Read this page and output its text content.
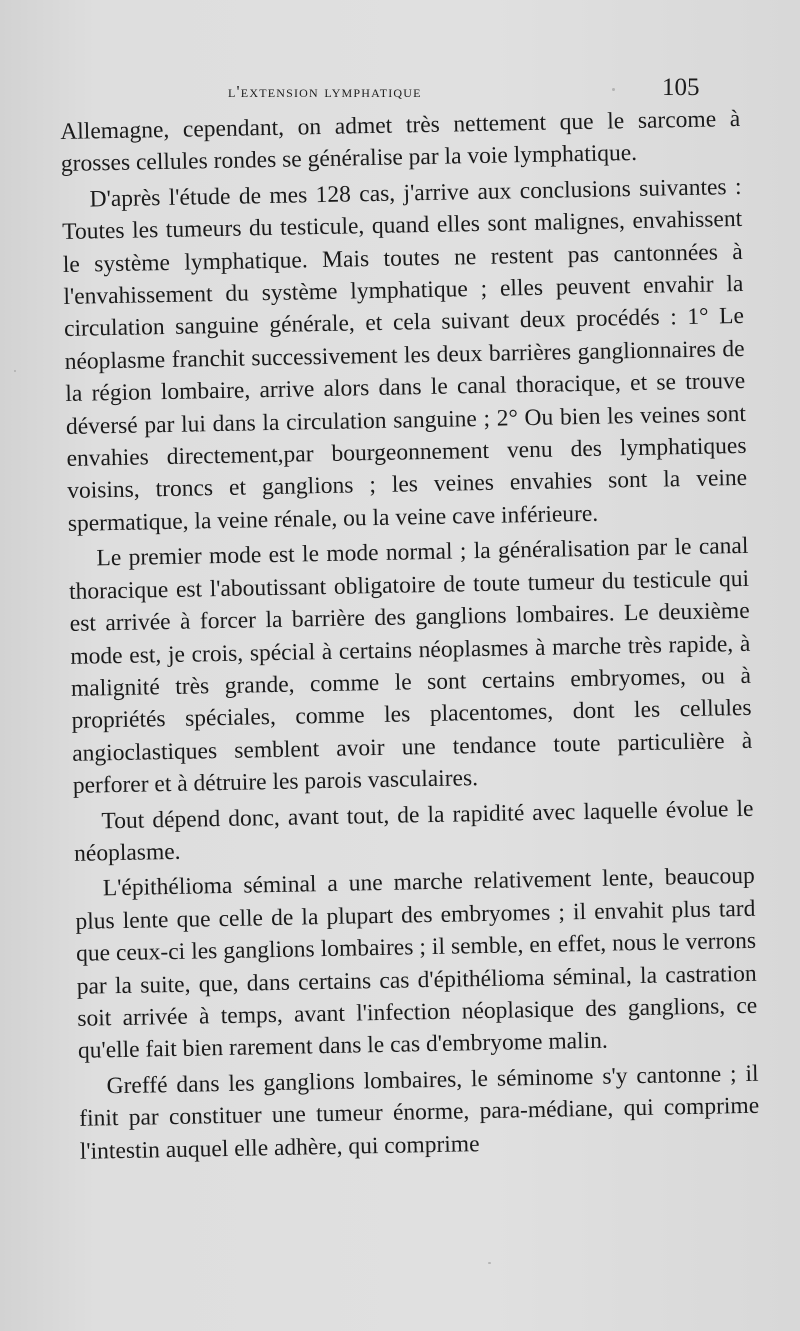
l'extension lymphatique	105

Allemagne, cependant, on admet très nettement que le sarcome à grosses cellules rondes se généralise par la voie lymphatique.

D'après l'étude de mes 128 cas, j'arrive aux conclusions suivantes : Toutes les tumeurs du testicule, quand elles sont malignes, envahissent le système lymphatique. Mais toutes ne restent pas cantonnées à l'envahissement du système lymphatique ; elles peuvent envahir la circulation sanguine générale, et cela suivant deux procédés : 1° Le néoplasme franchit successivement les deux barrières ganglionnaires de la région lombaire, arrive alors dans le canal thoracique, et se trouve déversé par lui dans la circulation sanguine ; 2° Ou bien les veines sont envahies directement,par bourgeonnement venu des lymphatiques voisins, troncs et ganglions ; les veines envahies sont la veine spermatique, la veine rénale, ou la veine cave inférieure.

Le premier mode est le mode normal ; la généralisation par le canal thoracique est l'aboutissant obligatoire de toute tumeur du testicule qui est arrivée à forcer la barrière des ganglions lombaires. Le deuxième mode est, je crois, spécial à certains néoplasmes à marche très rapide, à malignité très grande, comme le sont certains embryomes, ou à propriétés spéciales, comme les placentomes, dont les cellules angioclastiques semblent avoir une tendance toute particulière à perforer et à détruire les parois vasculaires.

Tout dépend donc, avant tout, de la rapidité avec laquelle évolue le néoplasme.

L'épithélioma séminal a une marche relativement lente, beaucoup plus lente que celle de la plupart des embryomes ; il envahit plus tard que ceux-ci les ganglions lombaires ; il semble, en effet, nous le verrons par la suite, que, dans certains cas d'épithélioma séminal, la castration soit arrivée à temps, avant l'infection néoplasique des ganglions, ce qu'elle fait bien rarement dans le cas d'embryome malin.

Greffé dans les ganglions lombaires, le séminome s'y cantonne ; il finit par constituer une tumeur énorme, para-médiane, qui comprime l'intestin auquel elle adhère, qui comprime
